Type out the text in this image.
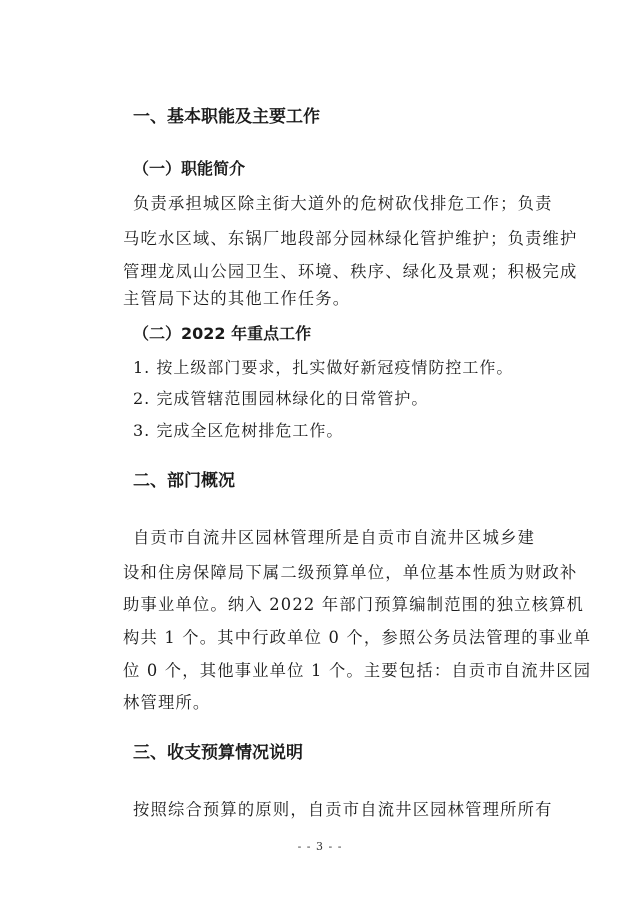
一、基本职能及主要工作
（一）职能简介
负责承担城区除主街大道外的危树砍伐排危工作；负责
马吃水区域、东锅厂地段部分园林绿化管护维护；负责维护
管理龙凤山公园卫生、环境、秩序、绿化及景观；积极完成
主管局下达的其他工作任务。
（二）2022 年重点工作
1. 按上级部门要求，扎实做好新冠疫情防控工作。
2. 完成管辖范围园林绿化的日常管护。
3. 完成全区危树排危工作。
二、部门概况
自贡市自流井区园林管理所是自贡市自流井区城乡建
设和住房保障局下属二级预算单位，单位基本性质为财政补
助事业单位。纳入 2022 年部门预算编制范围的独立核算机
构共 1 个。其中行政单位 0 个，参照公务员法管理的事业单
位 0 个，其他事业单位 1 个。主要包括：自贡市自流井区园
林管理所。
三、收支预算情况说明
按照综合预算的原则，自贡市自流井区园林管理所所有
- - 3 - -
